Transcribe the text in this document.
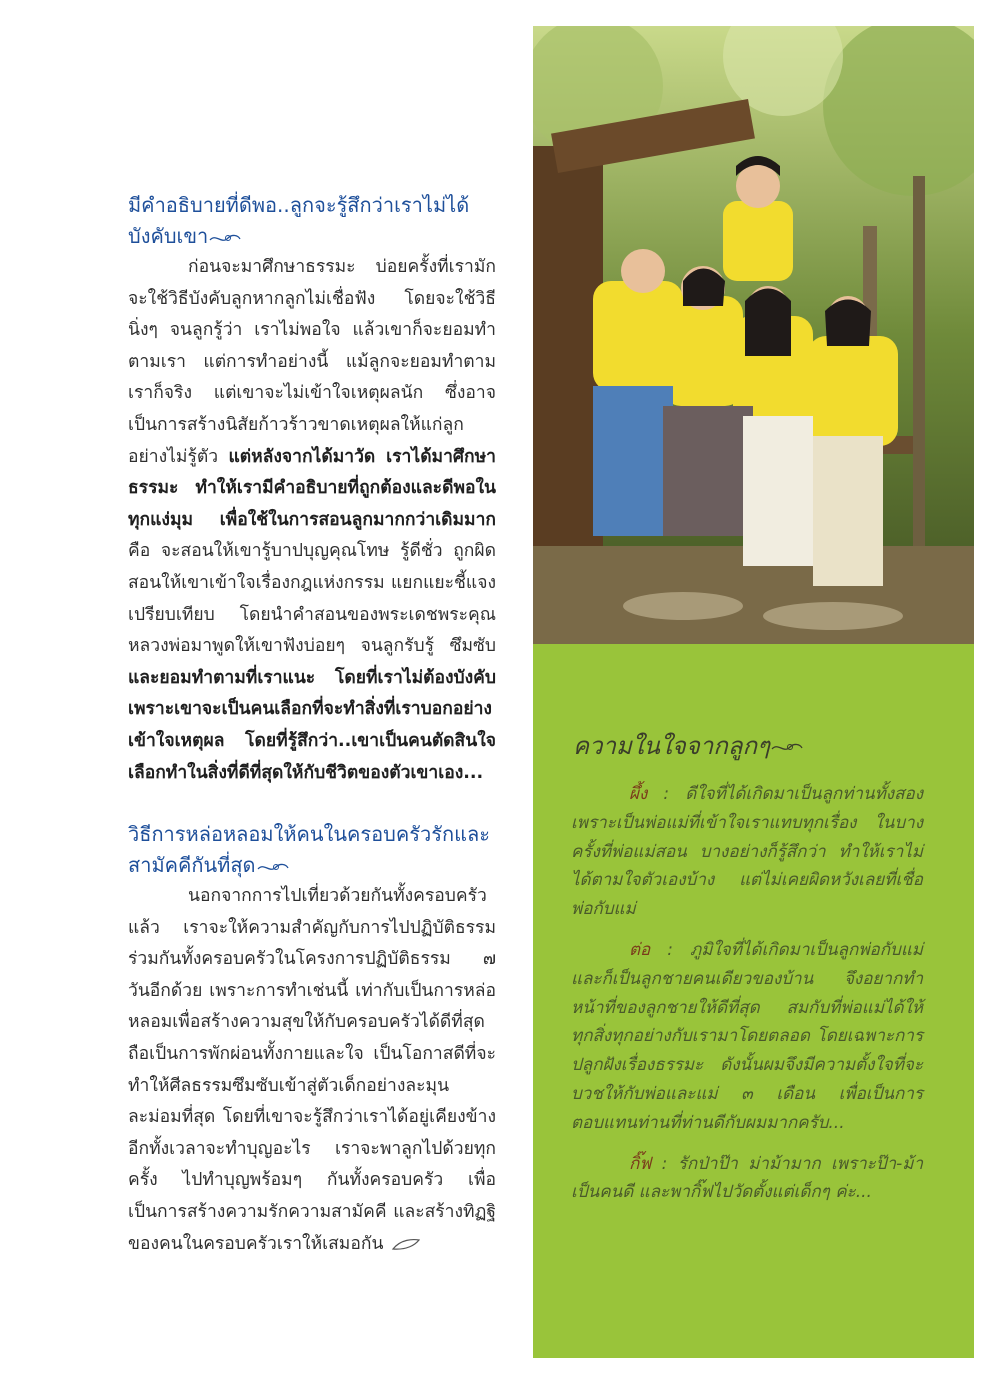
มีคำอธิบายที่ดีพอ..ลูกจะรู้สึกว่าเราไม่ได้บังคับเขา

ก่อนจะมาศึกษาธรรมะ บ่อยครั้งที่เรามักจะใช้วิธีบังคับลูกหากลูกไม่เชื่อฟัง โดยจะใช้วิธีนิ่งๆ จนลูกรู้ว่า เราไม่พอใจ แล้วเขาก็จะยอมทำตามเรา แต่การทำอย่างนี้ แม้ลูกจะยอมทำตามเราก็จริง แต่เขาจะไม่เข้าใจเหตุผลนัก ซึ่งอาจเป็นการสร้างนิสัยก้าวร้าวขาดเหตุผลให้แก่ลูกอย่างไม่รู้ตัว แต่หลังจากได้มาวัด เราได้มาศึกษาธรรมะ ทำให้เรามีคำอธิบายที่ถูกต้องและดีพอในทุกแง่มุม เพื่อใช้ในการสอนลูกมากกว่าเดิมมาก คือ จะสอนให้เขารู้บาปบุญคุณโทษ รู้ดีชั่ว ถูกผิด สอนให้เขาเข้าใจเรื่องกฎแห่งกรรม แยกแยะชี้แจง เปรียบเทียบ โดยนำคำสอนของพระเดชพระคุณหลวงพ่อมาพูดให้เขาฟังบ่อยๆ จนลูกรับรู้ ซึมซับ และยอมทำตามที่เราแนะ โดยที่เราไม่ต้องบังคับ เพราะเขาจะเป็นคนเลือกที่จะทำสิ่งที่เราบอกอย่างเข้าใจเหตุผล โดยที่รู้สึกว่า..เขาเป็นคนตัดสินใจเลือกทำในสิ่งที่ดีที่สุดให้กับชีวิตของตัวเขาเอง...

วิธีการหล่อหลอมให้คนในครอบครัวรักและสามัคคีกันที่สุด

นอกจากการไปเที่ยวด้วยกันทั้งครอบครัวแล้ว เราจะให้ความสำคัญกับการไปปฏิบัติธรรมร่วมกันทั้งครอบครัวในโครงการปฏิบัติธรรม ๗ วันอีกด้วย เพราะการทำเช่นนี้ เท่ากับเป็นการหล่อหลอมเพื่อสร้างความสุขให้กับครอบครัวได้ดีที่สุด ถือเป็นการพักผ่อนทั้งกายและใจ เป็นโอกาสดีที่จะทำให้ศีลธรรมซึมซับเข้าสู่ตัวเด็กอย่างละมุนละม่อมที่สุด โดยที่เขาจะรู้สึกว่าเราได้อยู่เคียงข้าง อีกทั้งเวลาจะทำบุญอะไร เราจะพาลูกไปด้วยทุกครั้ง ไปทำบุญพร้อมๆ กันทั้งครอบครัว เพื่อเป็นการสร้างความรักความสามัคคี และสร้างทิฏฐิของคนในครอบครัวเราให้เสมอกัน

ความในใจจากลูกๆ

ผึ้ง : ดีใจที่ได้เกิดมาเป็นลูกท่านทั้งสอง เพราะเป็นพ่อแม่ที่เข้าใจเราแทบทุกเรื่อง ในบางครั้งที่พ่อแม่สอน บางอย่างก็รู้สึกว่า ทำให้เราไม่ได้ตามใจตัวเองบ้าง แต่ไม่เคยผิดหวังเลยที่เชื่อพ่อกับแม่

ต่อ : ภูมิใจที่ได้เกิดมาเป็นลูกพ่อกับแม่ และก็เป็นลูกชายคนเดียวของบ้าน จึงอยากทำหน้าที่ของลูกชายให้ดีที่สุด สมกับที่พ่อแม่ได้ให้ทุกสิ่งทุกอย่างกับเรามาโดยตลอด โดยเฉพาะการปลูกฝังเรื่องธรรมะ ดังนั้นผมจึงมีความตั้งใจที่จะบวชให้กับพ่อและแม่ ๓ เดือน เพื่อเป็นการตอบแทนท่านที่ท่านดีกับผมมากครับ...

กิ๊ฟ : รักป่าป๊า ม่าม้ามาก เพราะป๊า-ม้าเป็นคนดี และพากิ๊ฟไปวัดตั้งแต่เด็กๆ ค่ะ...
